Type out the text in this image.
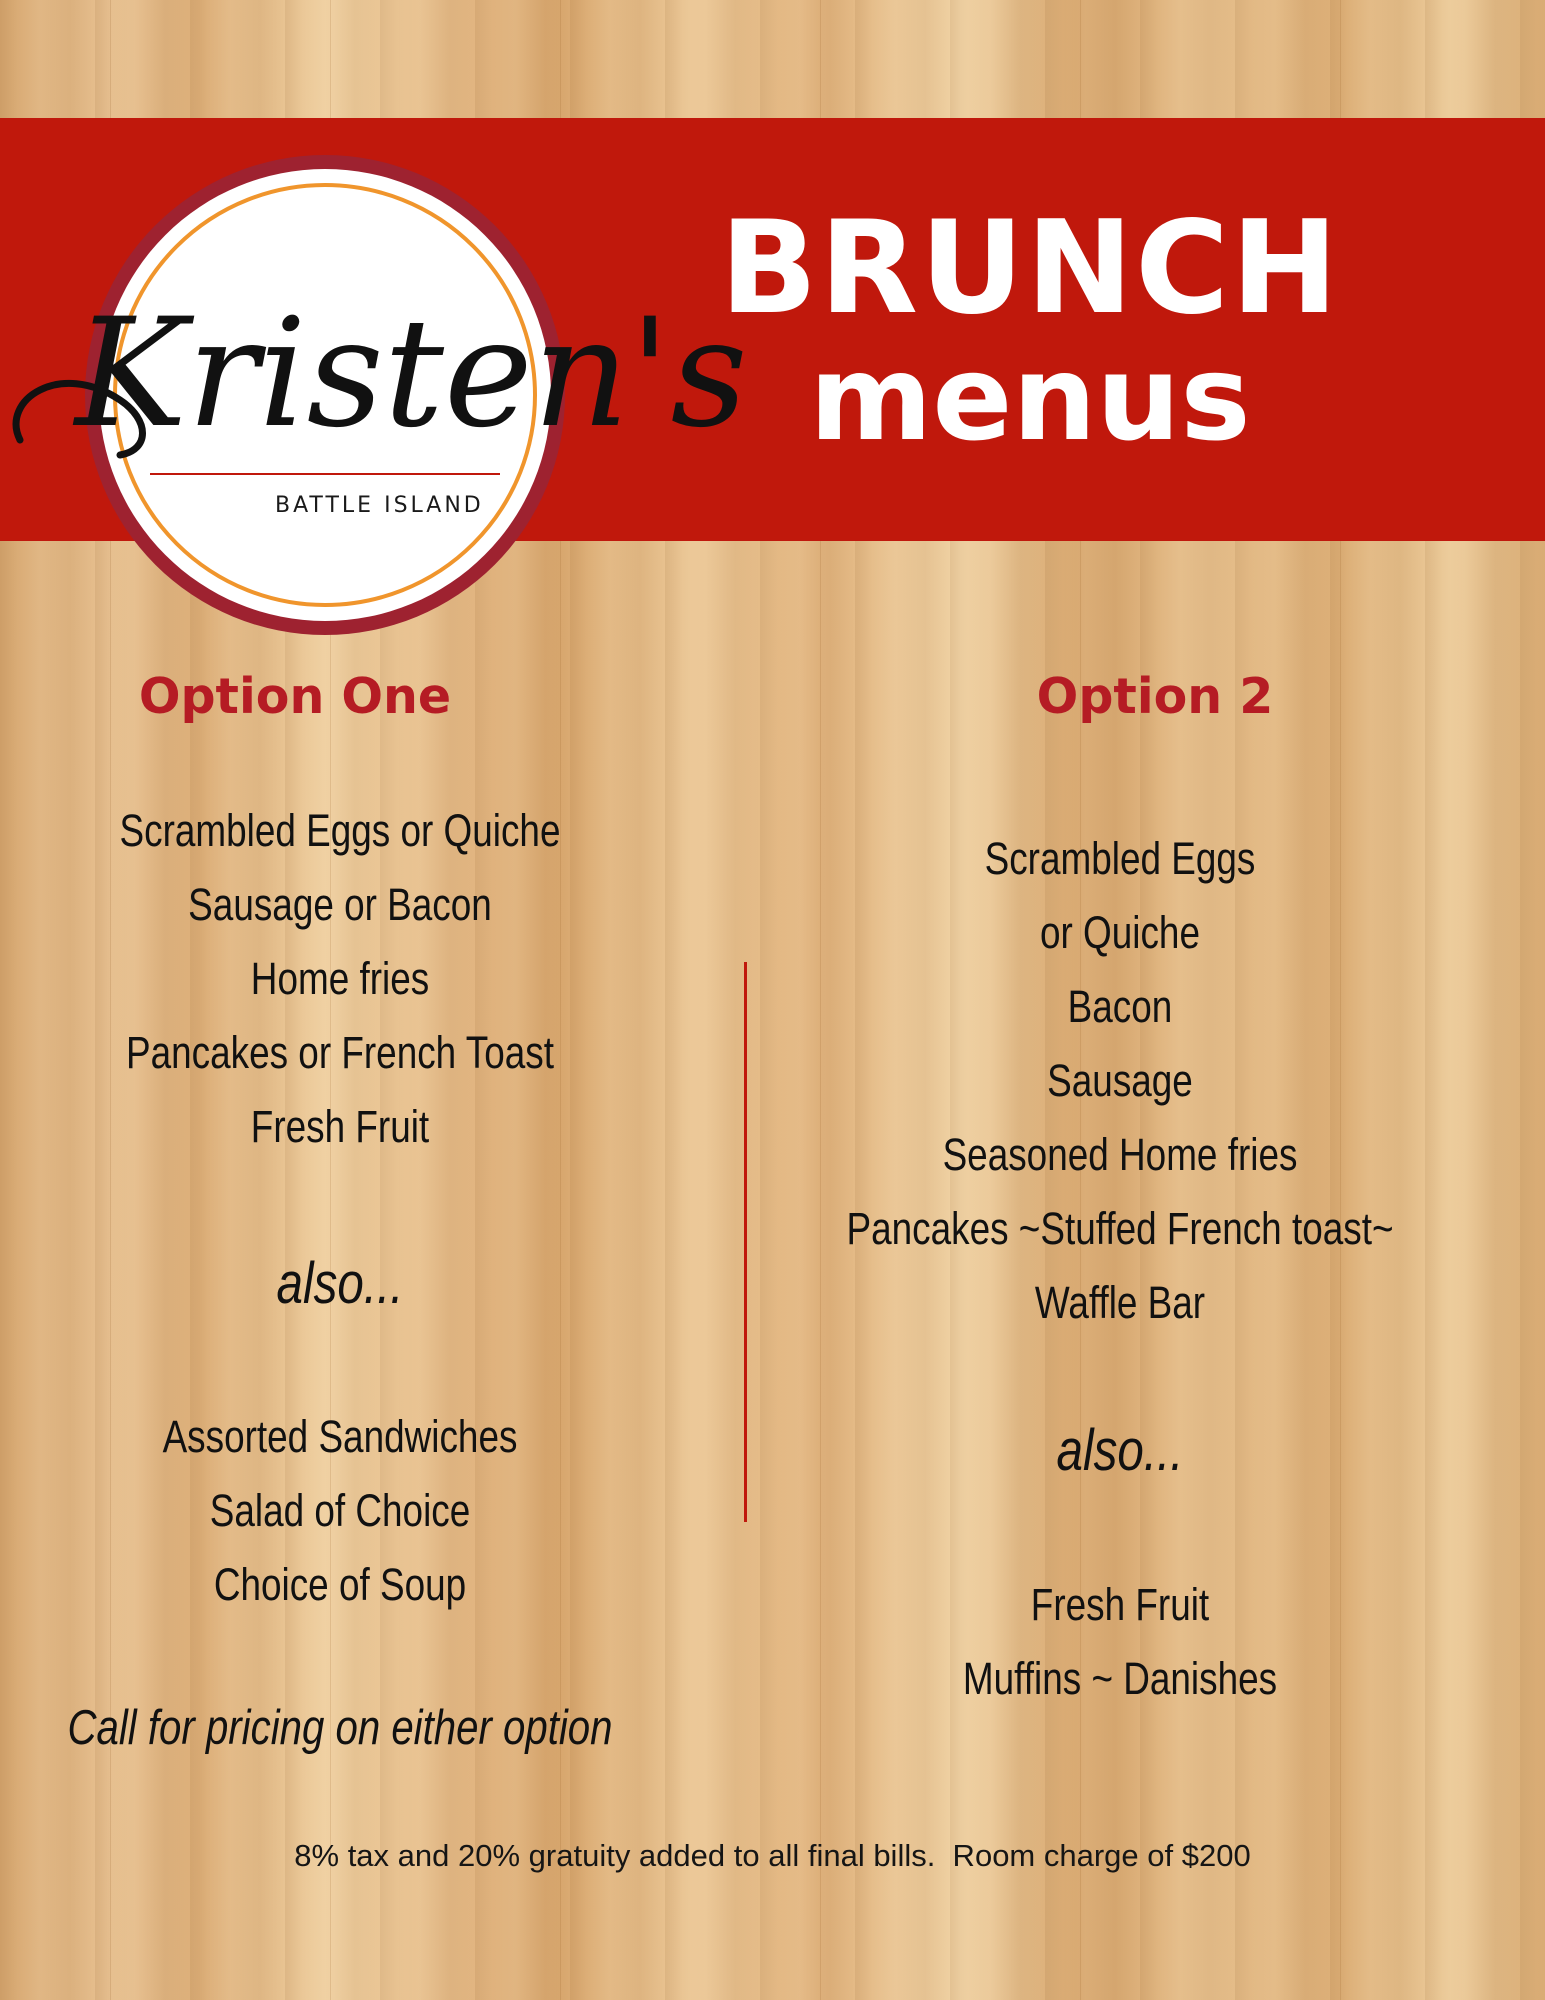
BRUNCH
menus
Kristen's
BATTLE ISLAND
Option One	Option 2
Scrambled Eggs or Quiche
Sausage or Bacon
Home fries
Pancakes or French Toast
Fresh Fruit
also...
Assorted Sandwiches
Salad of Choice
Choice of Soup
Call for pricing on either option
Scrambled Eggs
or Quiche
Bacon
Sausage
Seasoned Home fries
Pancakes ~Stuffed French toast~
Waffle Bar
also...
Fresh Fruit
Muffins ~ Danishes
8% tax and 20% gratuity added to all final bills.  Room charge of $200
